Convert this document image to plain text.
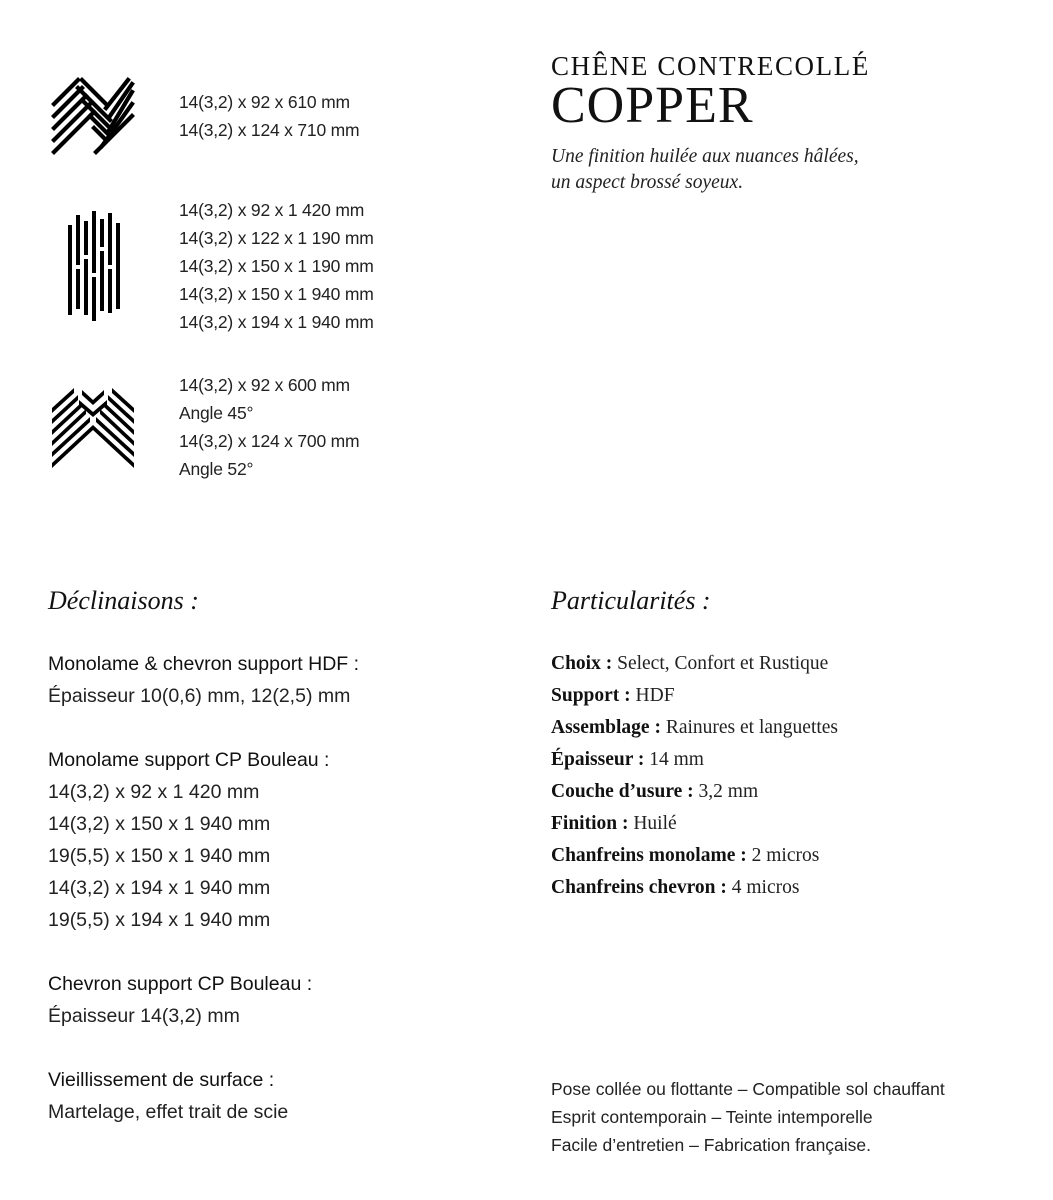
14(3,2) x 92 x 610 mm
14(3,2) x 124 x 710 mm
14(3,2) x 92 x 1 420 mm
14(3,2) x 122 x 1 190 mm
14(3,2) x 150 x 1 190 mm
14(3,2) x 150 x 1 940 mm
14(3,2) x 194 x 1 940 mm
14(3,2) x 92 x 600 mm
Angle 45°
14(3,2) x 124 x 700 mm
Angle 52°
CHÊNE CONTRECOLLÉ
COPPER
Une finition huilée aux nuances hâlées,
un aspect brossé soyeux.
Déclinaisons :	Particularités :
Monolame & chevron support HDF :
Épaisseur 10(0,6) mm, 12(2,5) mm
Monolame support CP Bouleau :
14(3,2) x 92 x 1 420 mm
14(3,2) x 150 x 1 940 mm
19(5,5) x 150 x 1 940 mm
14(3,2) x 194 x 1 940 mm
19(5,5) x 194 x 1 940 mm
Chevron support CP Bouleau :
Épaisseur 14(3,2) mm
Vieillissement de surface :
Martelage, effet trait de scie
Choix : Select, Confort et Rustique
Support : HDF
Assemblage : Rainures et languettes
Épaisseur : 14 mm
Couche d’usure : 3,2 mm
Finition : Huilé
Chanfreins monolame : 2 micros
Chanfreins chevron : 4 micros
Pose collée ou flottante – Compatible sol chauffant
Esprit contemporain – Teinte intemporelle
Facile d’entretien – Fabrication française.
